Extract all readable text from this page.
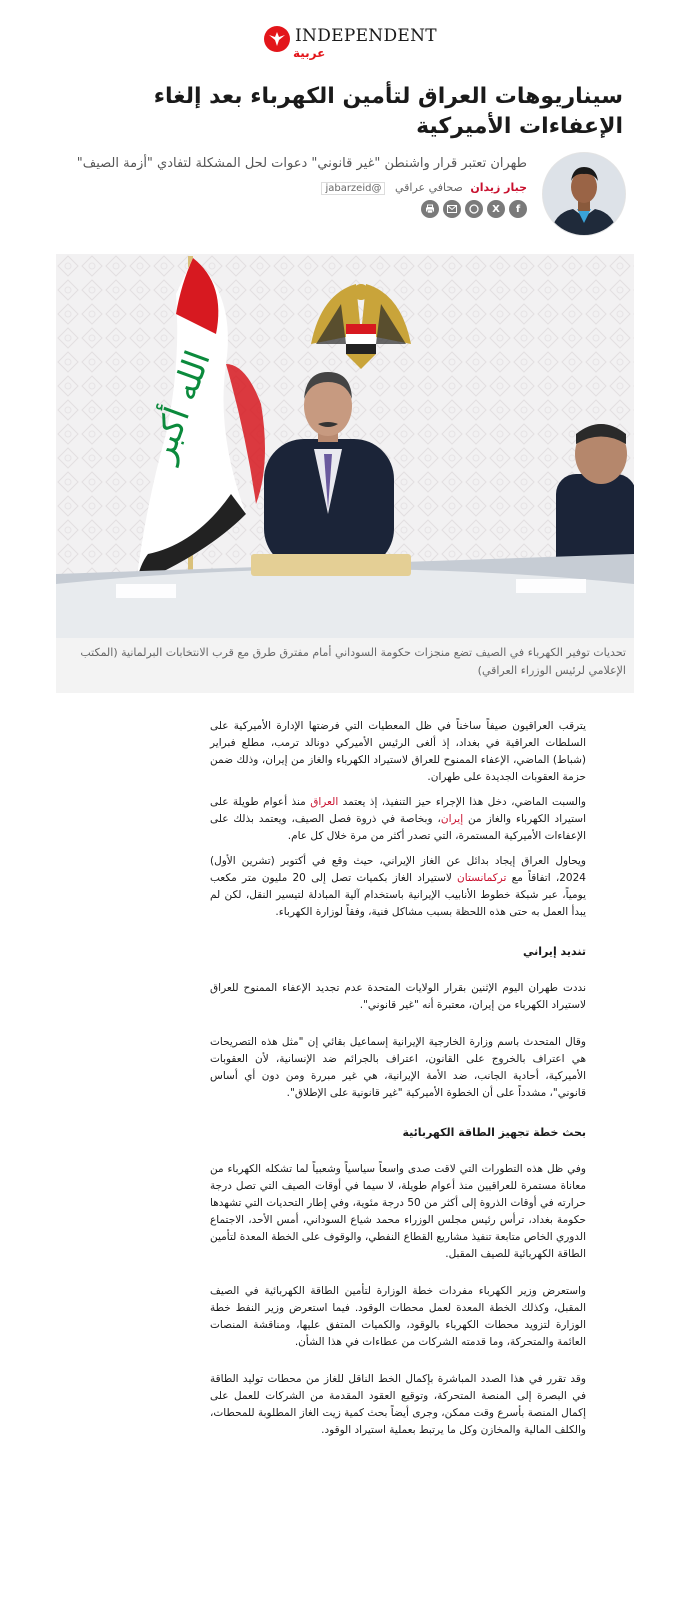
INDEPENDENT
عربية
سيناريوهات العراق لتأمين الكهرباء بعد إلغاء الإعفاءات الأميركية
طهران تعتبر قرار واشنطن "غير قانوني" دعوات لحل المشكلة لتفادي "أزمة الصيف"
جبار زيدان صحافي عراقي @jabarzeid
f
X
الله أكبر

تحديات توفير الكهرباء في الصيف تضع منجزات حكومة السوداني أمام مفترق طرق مع قرب الانتخابات البرلمانية (المكتب الإعلامي لرئيس الوزراء العراقي)

يترقب العراقيون صيفاً ساخناً في ظل المعطيات التي فرضتها الإدارة الأميركية على السلطات العراقية في بغداد، إذ ألغى الرئيس الأميركي دونالد ترمب، مطلع فبراير (شباط) الماضي، الإعفاء الممنوح للعراق لاستيراد الكهرباء والغاز من إيران، وذلك ضمن حزمة العقوبات الجديدة على طهران.

والسبت الماضي، دخل هذا الإجراء حيز التنفيذ، إذ يعتمد العراق منذ أعوام طويلة على استيراد الكهرباء والغاز من إيران، وبخاصة في ذروة فصل الصيف، ويعتمد بذلك على الإعفاءات الأميركية المستمرة، التي تصدر أكثر من مرة خلال كل عام.

ويحاول العراق إيجاد بدائل عن الغاز الإيراني، حيث وقع في أكتوبر (تشرين الأول) 2024، اتفاقاً مع تركمانستان لاستيراد الغاز بكميات تصل إلى 20 مليون متر مكعب يومياً، عبر شبكة خطوط الأنابيب الإيرانية باستخدام آلية المبادلة لتيسير النقل، لكن لم يبدأ العمل به حتى هذه اللحظة بسبب مشاكل فنية، وفقاً لوزارة الكهرباء.

تنديد إيراني

نددت طهران اليوم الإثنين بقرار الولايات المتحدة عدم تجديد الإعفاء الممنوح للعراق لاستيراد الكهرباء من إيران، معتبرة أنه "غير قانوني".

وقال المتحدث باسم وزارة الخارجية الإيرانية إسماعيل بقائي إن "مثل هذه التصريحات هي اعتراف بالخروج على القانون، اعتراف بالجرائم ضد الإنسانية، لأن العقوبات الأميركية، أحادية الجانب، ضد الأمة الإيرانية، هي غير مبررة ومن دون أي أساس قانوني"، مشدداً على أن الخطوة الأميركية "غير قانونية على الإطلاق".

بحث خطة تجهيز الطاقة الكهربائية

وفي ظل هذه التطورات التي لاقت صدى واسعاً سياسياً وشعبياً لما تشكله الكهرباء من معاناة مستمرة للعراقيين منذ أعوام طويلة، لا سيما في أوقات الصيف التي تصل درجة حرارته في أوقات الذروة إلى أكثر من 50 درجة مئوية، وفي إطار التحديات التي تشهدها حكومة بغداد، ترأس رئيس مجلس الوزراء محمد شياع السوداني، أمس الأحد، الاجتماع الدوري الخاص متابعة تنفيذ مشاريع القطاع النفطي، والوقوف على الخطة المعدة لتأمين الطاقة الكهربائية للصيف المقبل.

واستعرض وزير الكهرباء مفردات خطة الوزارة لتأمين الطاقة الكهربائية في الصيف المقبل، وكذلك الخطة المعدة لعمل محطات الوقود. فيما استعرض وزير النفط خطة الوزارة لتزويد محطات الكهرباء بالوقود، والكميات المتفق عليها، ومناقشة المنصات العائمة والمتحركة، وما قدمته الشركات من عطاءات في هذا الشأن.

وقد تقرر في هذا الصدد المباشرة بإكمال الخط الناقل للغاز من محطات توليد الطاقة في البصرة إلى المنصة المتحركة، وتوقيع العقود المقدمة من الشركات للعمل على إكمال المنصة بأسرع وقت ممكن، وجرى أيضاً بحث كمية زيت الغاز المطلوبة للمحطات، والكلف المالية والمخازن وكل ما يرتبط بعملية استيراد الوقود.
